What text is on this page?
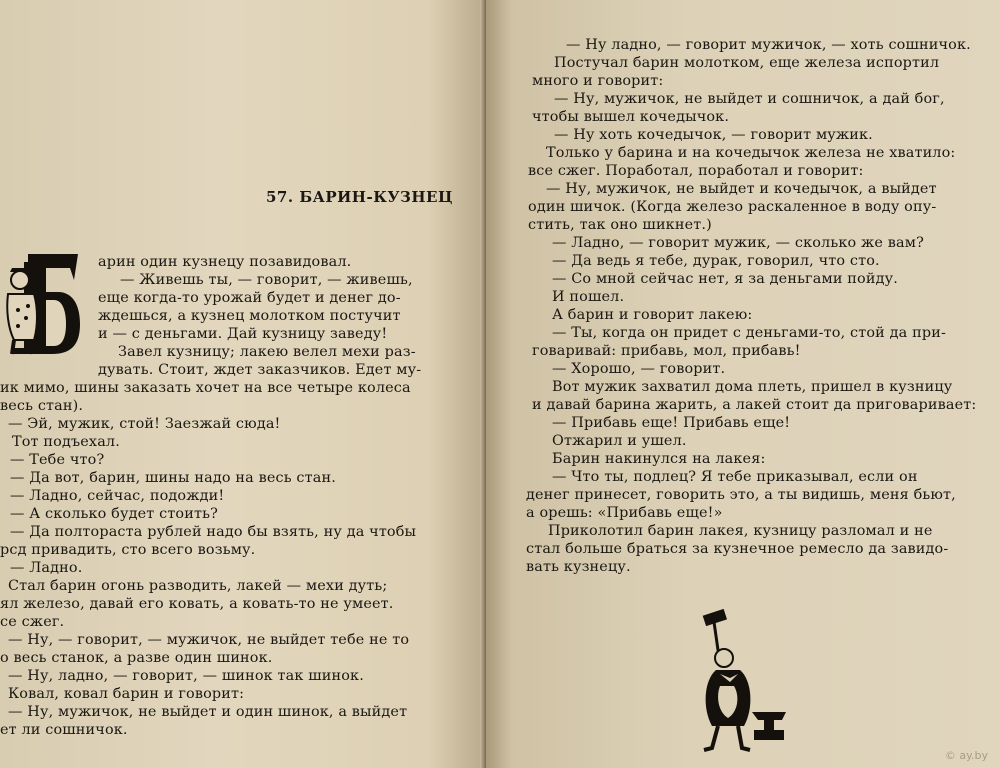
57. БАРИН-КУЗНЕЦ
арин один кузнецу позавидовал.
— Живешь ты, — говорит, — живешь,
еще когда-то урожай будет и денег до-
ждешься, а кузнец молотком постучит
и — с деньгами. Дай кузницу заведу!
Завел кузницу; лакею велел мехи раз-
дувать. Стоит, ждет заказчиков. Едет му-
ик мимо, шины заказать хочет на все четыре колеса
весь стан).
— Эй, мужик, стой! Заезжай сюда!
Тот подъехал.
— Тебе что?
— Да вот, барин, шины надо на весь стан.
— Ладно, сейчас, подожди!
— А сколько будет стоить?
— Да полтораста рублей надо бы взять, ну да чтобы
рсд привадить, сто всего возьму.
— Ладно.
Стал барин огонь разводить, лакей — мехи дуть;
ял железо, давай его ковать, а ковать-то не умеет.
се сжег.
— Ну, — говорит, — мужичок, не выйдет тебе не то
о весь станок, а разве один шинок.
— Ну, ладно, — говорит, — шинок так шинок.
Ковал, ковал барин и говорит:
— Ну, мужичок, не выйдет и один шинок, а выйдет
ет ли сошничок.
— Ну ладно, — говорит мужичок, — хоть сошничок.
Постучал барин молотком, еще железа испортил
много и говорит:
— Ну, мужичок, не выйдет и сошничок, а дай бог,
чтобы вышел кочедычок.
— Ну хоть кочедычок, — говорит мужик.
Только у барина и на кочедычок железа не хватило:
все сжег. Поработал, поработал и говорит:
— Ну, мужичок, не выйдет и кочедычок, а выйдет
один шичок. (Когда железо раскаленное в воду опу-
стить, так оно шикнет.)
— Ладно, — говорит мужик, — сколько же вам?
— Да ведь я тебе, дурак, говорил, что сто.
— Со мной сейчас нет, я за деньгами пойду.
И пошел.
А барин и говорит лакею:
— Ты, когда он придет с деньгами-то, стой да при-
говаривай: прибавь, мол, прибавь!
— Хорошо, — говорит.
Вот мужик захватил дома плеть, пришел в кузницу
и давай барина жарить, а лакей стоит да приговаривает:
— Прибавь еще! Прибавь еще!
Отжарил и ушел.
Барин накинулся на лакея:
— Что ты, подлец? Я тебе приказывал, если он
денег принесет, говорить это, а ты видишь, меня бьют,
а орешь: «Прибавь еще!»
Приколотил барин лакея, кузницу разломал и не
стал больше браться за кузнечное ремесло да завидо-
вать кузнецу.
© ay.by
